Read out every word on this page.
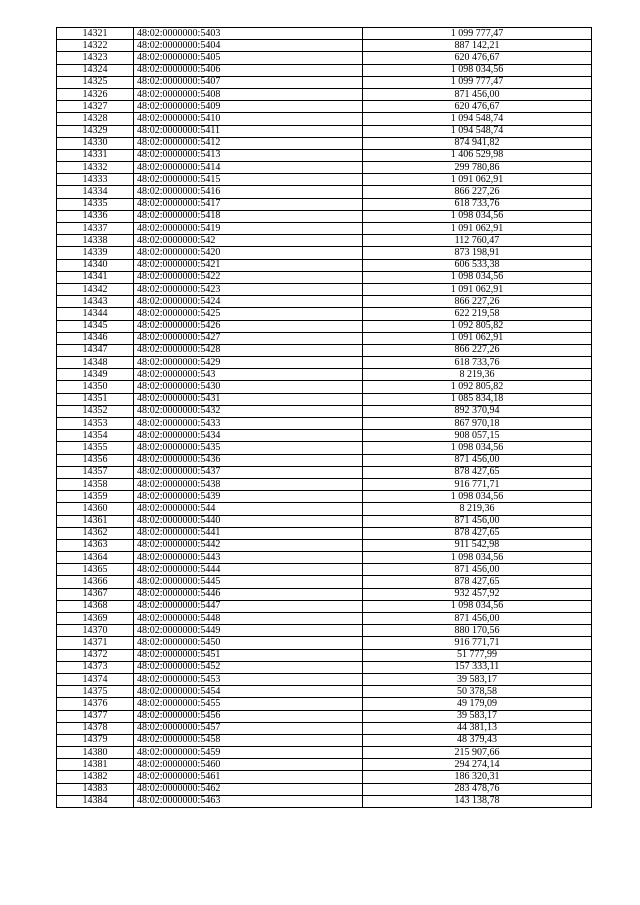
14321	48:02:0000000:5403	1 099 777,47
14322	48:02:0000000:5404	887 142,21
14323	48:02:0000000:5405	620 476,67
14324	48:02:0000000:5406	1 098 034,56
14325	48:02:0000000:5407	1 099 777,47
14326	48:02:0000000:5408	871 456,00
14327	48:02:0000000:5409	620 476,67
14328	48:02:0000000:5410	1 094 548,74
14329	48:02:0000000:5411	1 094 548,74
14330	48:02:0000000:5412	874 941,82
14331	48:02:0000000:5413	1 406 529,98
14332	48:02:0000000:5414	299 780,86
14333	48:02:0000000:5415	1 091 062,91
14334	48:02:0000000:5416	866 227,26
14335	48:02:0000000:5417	618 733,76
14336	48:02:0000000:5418	1 098 034,56
14337	48:02:0000000:5419	1 091 062,91
14338	48:02:0000000:542	112 760,47
14339	48:02:0000000:5420	873 198,91
14340	48:02:0000000:5421	606 533,38
14341	48:02:0000000:5422	1 098 034,56
14342	48:02:0000000:5423	1 091 062,91
14343	48:02:0000000:5424	866 227,26
14344	48:02:0000000:5425	622 219,58
14345	48:02:0000000:5426	1 092 805,82
14346	48:02:0000000:5427	1 091 062,91
14347	48:02:0000000:5428	866 227,26
14348	48:02:0000000:5429	618 733,76
14349	48:02:0000000:543	8 219,36
14350	48:02:0000000:5430	1 092 805,82
14351	48:02:0000000:5431	1 085 834,18
14352	48:02:0000000:5432	892 370,94
14353	48:02:0000000:5433	867 970,18
14354	48:02:0000000:5434	908 057,15
14355	48:02:0000000:5435	1 098 034,56
14356	48:02:0000000:5436	871 456,00
14357	48:02:0000000:5437	878 427,65
14358	48:02:0000000:5438	916 771,71
14359	48:02:0000000:5439	1 098 034,56
14360	48:02:0000000:544	8 219,36
14361	48:02:0000000:5440	871 456,00
14362	48:02:0000000:5441	878 427,65
14363	48:02:0000000:5442	911 542,98
14364	48:02:0000000:5443	1 098 034,56
14365	48:02:0000000:5444	871 456,00
14366	48:02:0000000:5445	878 427,65
14367	48:02:0000000:5446	932 457,92
14368	48:02:0000000:5447	1 098 034,56
14369	48:02:0000000:5448	871 456,00
14370	48:02:0000000:5449	880 170,56
14371	48:02:0000000:5450	916 771,71
14372	48:02:0000000:5451	51 777,99
14373	48:02:0000000:5452	157 333,11
14374	48:02:0000000:5453	39 583,17
14375	48:02:0000000:5454	50 378,58
14376	48:02:0000000:5455	49 179,09
14377	48:02:0000000:5456	39 583,17
14378	48:02:0000000:5457	44 381,13
14379	48:02:0000000:5458	48 379,43
14380	48:02:0000000:5459	215 907,66
14381	48:02:0000000:5460	294 274,14
14382	48:02:0000000:5461	186 320,31
14383	48:02:0000000:5462	283 478,76
14384	48:02:0000000:5463	143 138,78
